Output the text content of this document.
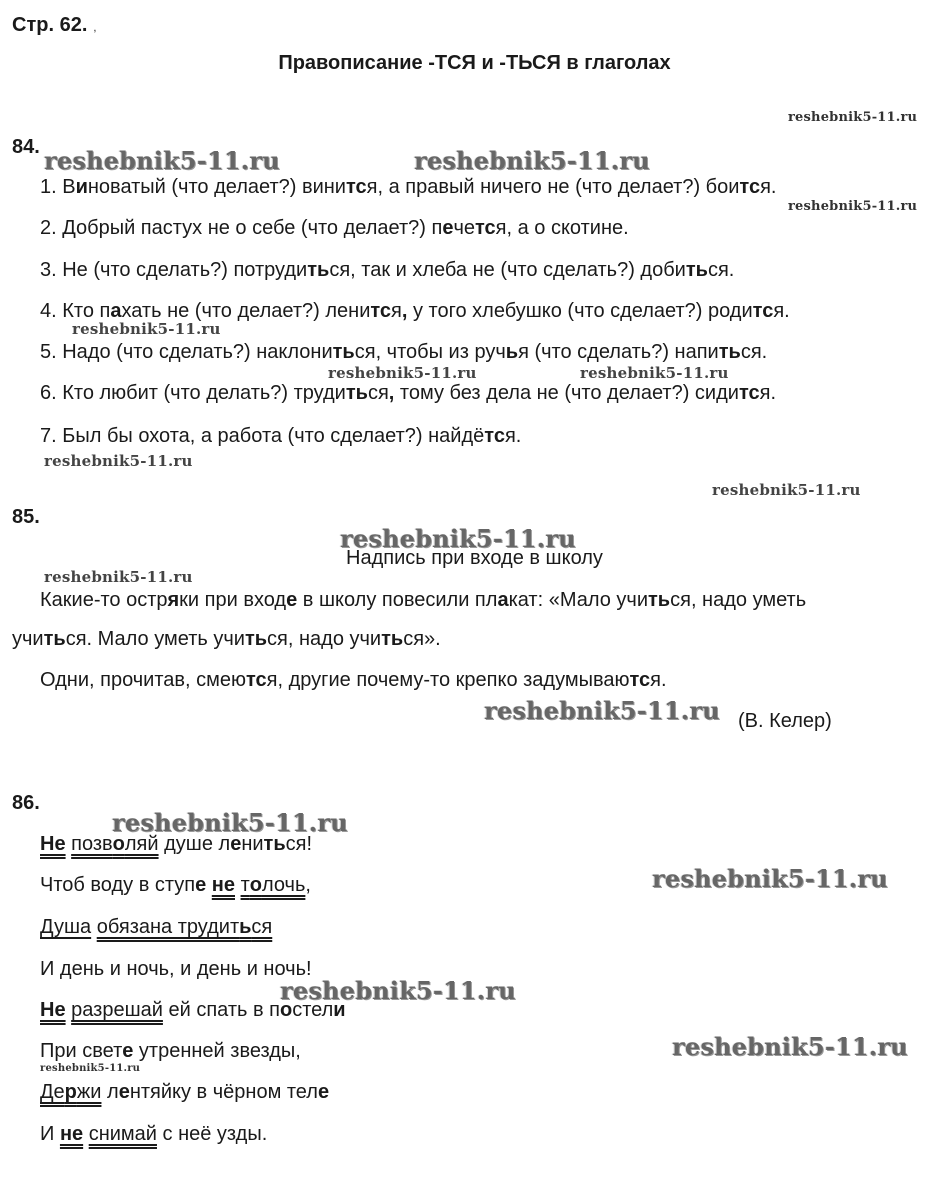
Стр. 62. ,
Правописание -ТСЯ и -ТЬСЯ в глаголах
84.
1. Виноватый (что делает?) винится, а правый ничего не (что делает?) боится.
2. Добрый пастух не о себе (что делает?) печется, а о скотине.
3. Не (что сделать?) потрудиться, так и хлеба не (что сделать?) добиться.
4. Кто пахать не (что делает?) ленится, у того хлебушко (что сделает?) родится.
5. Надо (что сделать?) наклониться, чтобы из ручья (что сделать?) напиться.
6. Кто любит (что делать?) трудиться, тому без дела не (что делает?) сидится.
7. Был бы охота, а работа (что сделает?) найдётся.
85.
Надпись при входе в школу
Какие-то остряки при входе в школу повесили плакат: «Мало учиться, надо уметь
учиться. Мало уметь учиться, надо учиться».
Одни, прочитав, смеются, другие почему-то крепко задумываются.
(В. Келер)
86.
Не позволяй душе лениться!
Чтоб воду в ступе не толочь,
Душа обязана трудиться
И день и ночь, и день и ночь!
Не разрешай ей спать в постели
При свете утренней звезды,
Держи лентяйку в чёрном теле
И не снимай с неё узды.
reshebnik5-11.ru
reshebnik5-11.ru	reshebnik5-11.ru
reshebnik5-11.ru
reshebnik5-11.ru
reshebnik5-11.ru	reshebnik5-11.ru
reshebnik5-11.ru
reshebnik5-11.ru
reshebnik5-11.ru
reshebnik5-11.ru
reshebnik5-11.ru
reshebnik5-11.ru
reshebnik5-11.ru
reshebnik5-11.ru
reshebnik5-11.ru
reshebnik5-11.ru
